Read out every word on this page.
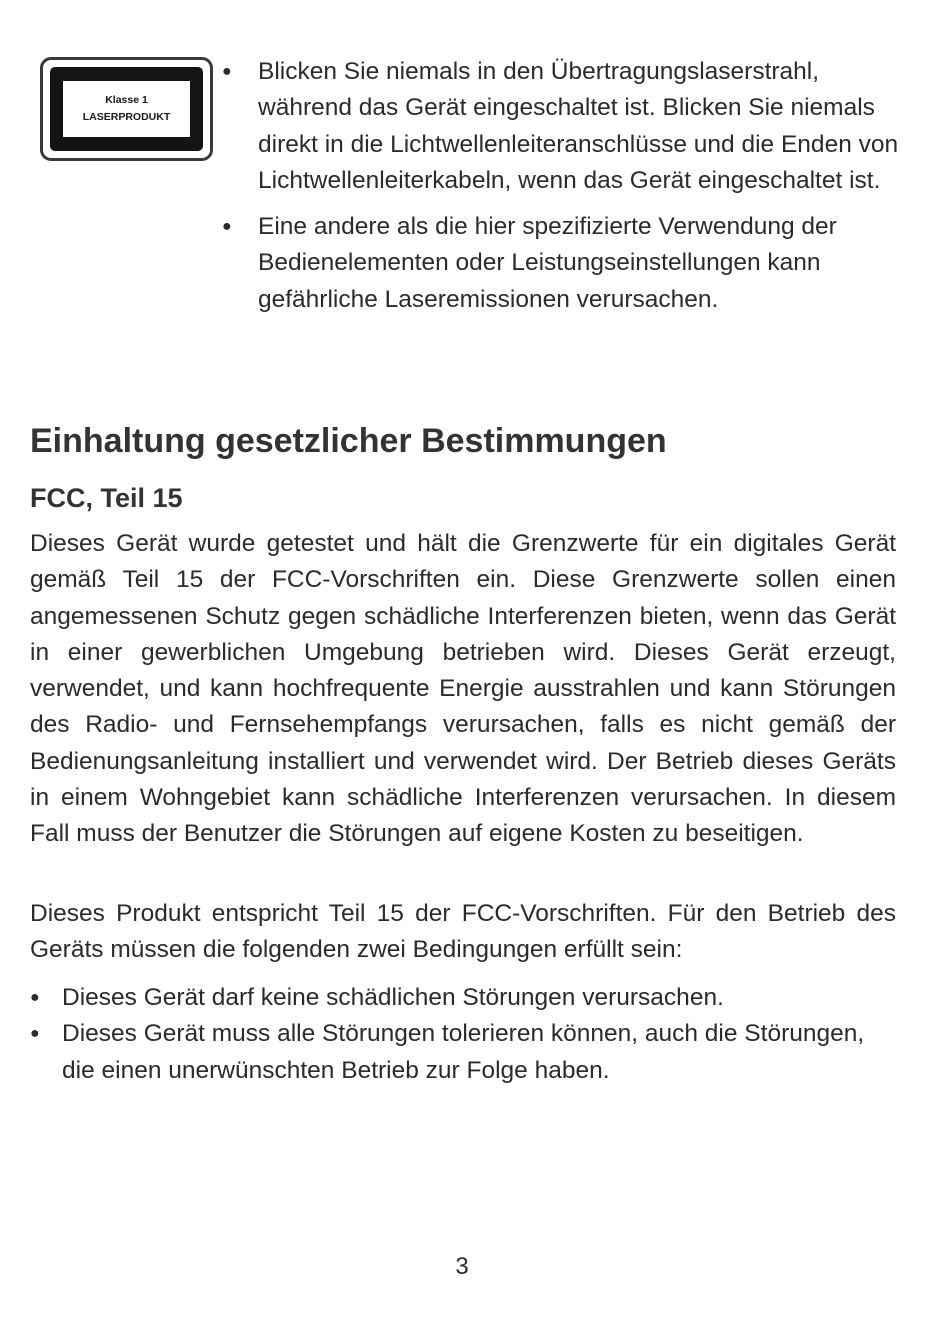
Klasse 1
LASERPRODUKT
● Blicken Sie niemals in den Übertragungslaserstrahl, während das Gerät eingeschaltet ist. Blicken Sie niemals direkt in die Lichtwellenleiteranschlüsse und die Enden von Lichtwellenleiterkabeln, wenn das Gerät eingeschaltet ist.
● Eine andere als die hier spezifizierte Verwendung der Bedienelementen oder Leistungseinstellungen kann gefährliche Laseremissionen verursachen.
Einhaltung gesetzlicher Bestimmungen
FCC, Teil 15

Dieses Gerät wurde getestet und hält die Grenzwerte für ein digitales Gerät gemäß Teil 15 der FCC-Vorschriften ein. Diese Grenzwerte sollen einen angemessenen Schutz gegen schädliche Interferenzen bieten, wenn das Gerät in einer gewerblichen Umgebung betrieben wird. Dieses Gerät erzeugt, verwendet, und kann hochfrequente Energie ausstrahlen und kann Störungen des Radio- und Fernsehempfangs verursachen, falls es nicht gemäß der Bedienungsanleitung installiert und verwendet wird. Der Betrieb dieses Geräts in einem Wohngebiet kann schädliche Interferenzen verursachen. In diesem Fall muss der Benutzer die Störungen auf eigene Kosten zu beseitigen.

Dieses Produkt entspricht Teil 15 der FCC-Vorschriften. Für den Betrieb des Geräts müssen die folgenden zwei Bedingungen erfüllt sein:

● Dieses Gerät darf keine schädlichen Störungen verursachen.
● Dieses Gerät muss alle Störungen tolerieren können, auch die Störungen, die einen unerwünschten Betrieb zur Folge haben.
3
